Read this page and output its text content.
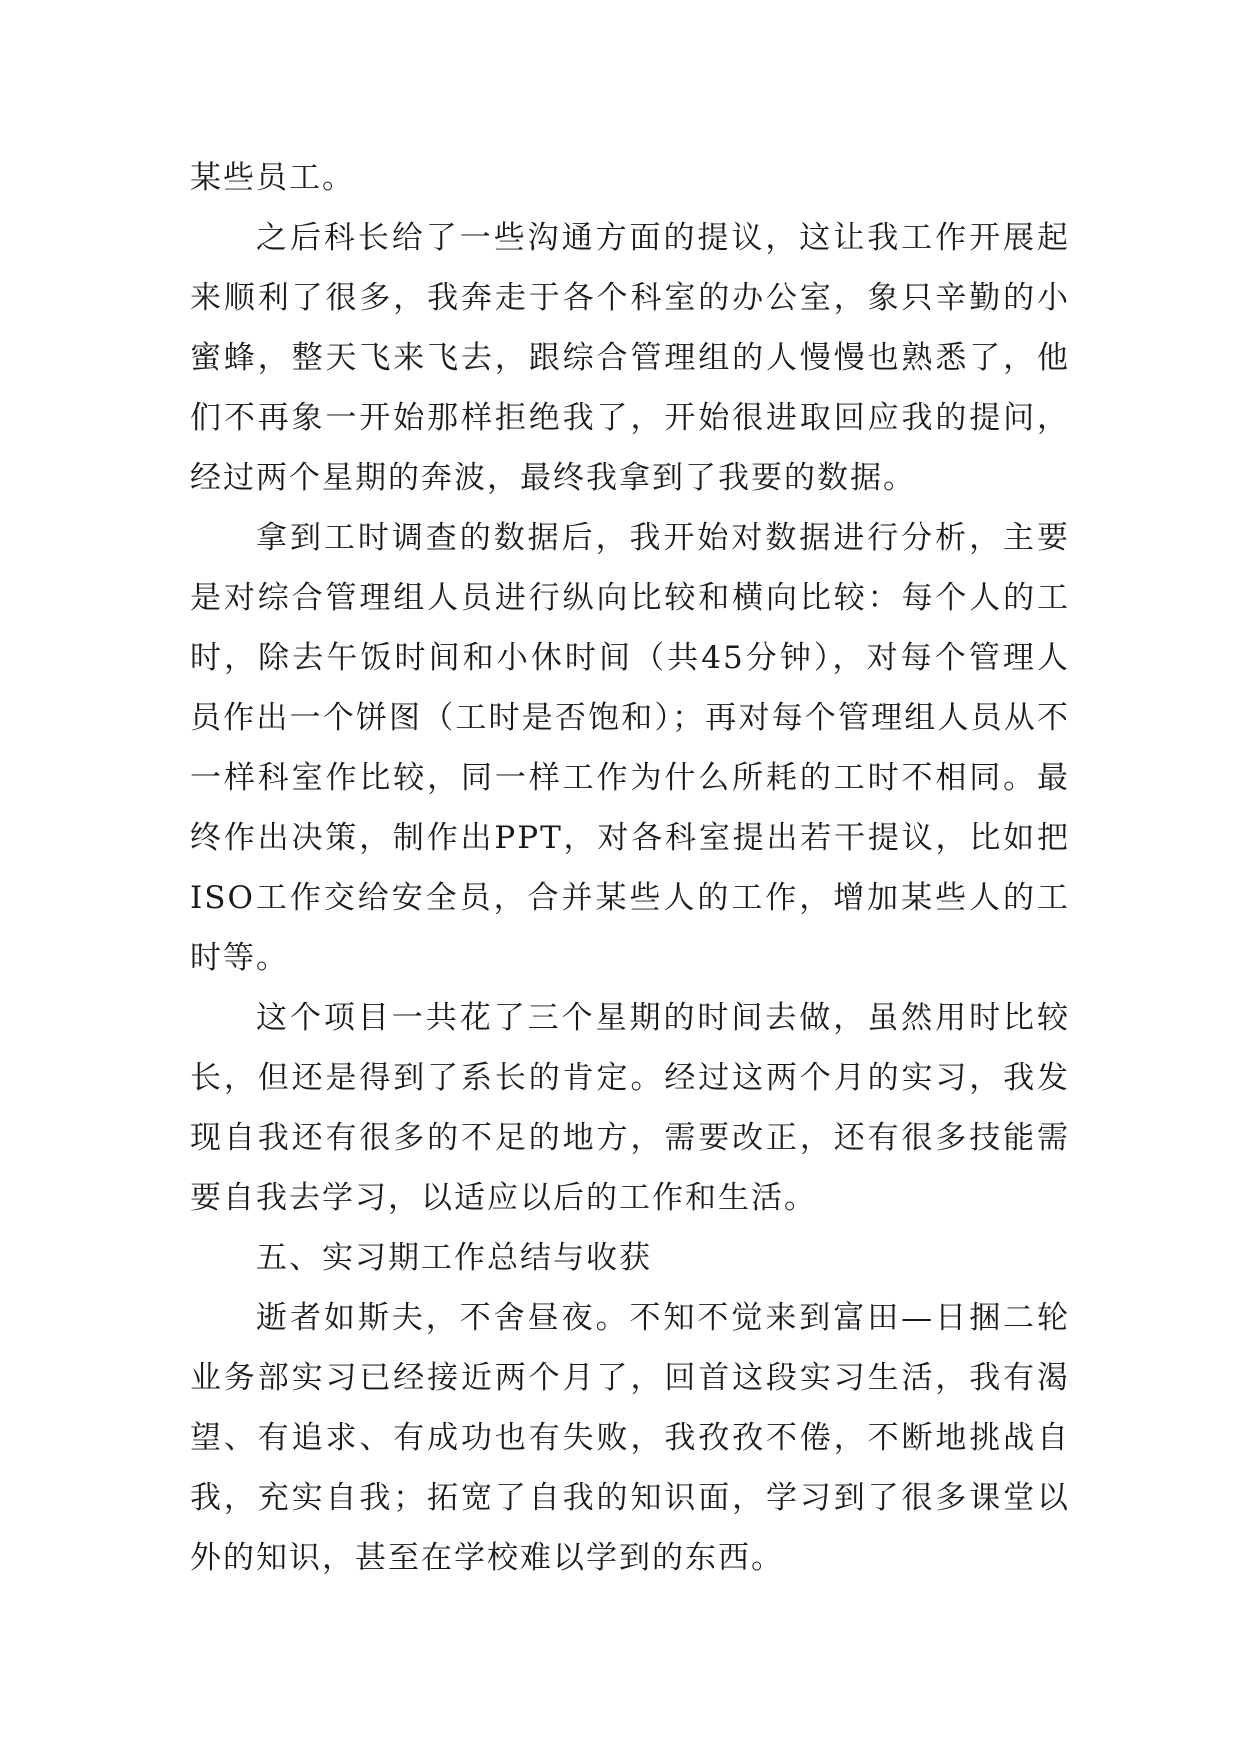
某些员工。

之后科长给了一些沟通方面的提议，这让我工作开展起来顺利了很多，我奔走于各个科室的办公室，象只辛勤的小蜜蜂，整天飞来飞去，跟综合管理组的人慢慢也熟悉了，他们不再象一开始那样拒绝我了，开始很进取回应我的提问，经过两个星期的奔波，最终我拿到了我要的数据。

拿到工时调查的数据后，我开始对数据进行分析，主要是对综合管理组人员进行纵向比较和横向比较：每个人的工时，除去午饭时间和小休时间（共45分钟），对每个管理人员作出一个饼图（工时是否饱和）；再对每个管理组人员从不一样科室作比较，同一样工作为什么所耗的工时不相同。最终作出决策，制作出PPT，对各科室提出若干提议，比如把ISO工作交给安全员，合并某些人的工作，增加某些人的工时等。

这个项目一共花了三个星期的时间去做，虽然用时比较长，但还是得到了系长的肯定。经过这两个月的实习，我发现自我还有很多的不足的地方，需要改正，还有很多技能需要自我去学习，以适应以后的工作和生活。

五、实习期工作总结与收获

逝者如斯夫，不舍昼夜。不知不觉来到富田—日捆二轮业务部实习已经接近两个月了，回首这段实习生活，我有渴望、有追求、有成功也有失败，我孜孜不倦，不断地挑战自我，充实自我；拓宽了自我的知识面，学习到了很多课堂以外的知识，甚至在学校难以学到的东西。
